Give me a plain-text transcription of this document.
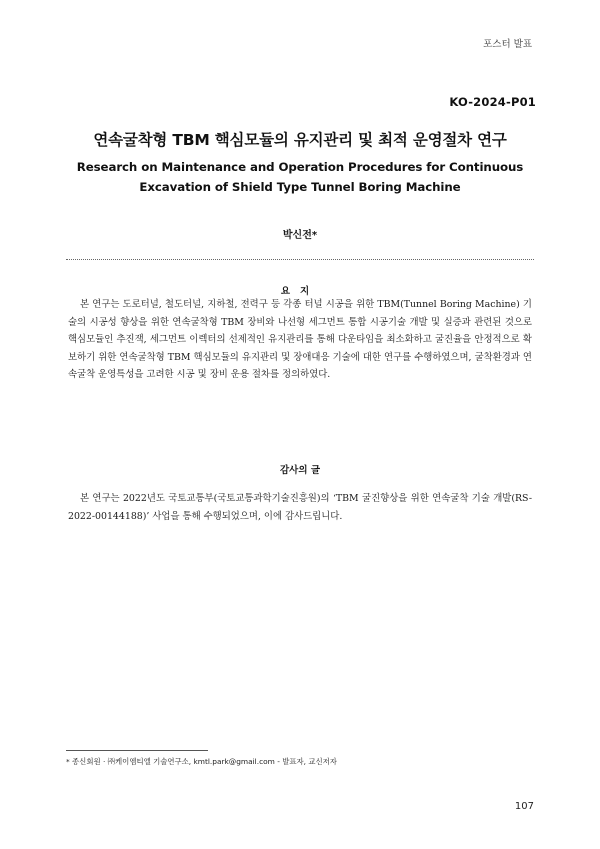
포스터 발표
KO-2024-P01
연속굴착형 TBM 핵심모듈의 유지관리 및 최적 운영절차 연구
Research on Maintenance and Operation Procedures for Continuous Excavation of Shield Type Tunnel Boring Machine
박신전*
요지

본 연구는 도로터널, 철도터널, 지하철, 전력구 등 각종 터널 시공을 위한 TBM(Tunnel Boring Machine) 기술의 시공성 향상을 위한 연속굴착형 TBM 장비와 나선형 세그먼트 통합 시공기술 개발 및 실증과 관련된 것으로 핵심모듈인 추진잭, 세그먼트 이렉터의 선제적인 유지관리를 통해 다운타임을 최소화하고 굴진율을 안정적으로 확보하기 위한 연속굴착형 TBM 핵심모듈의 유지관리 및 장애대응 기술에 대한 연구를 수행하였으며, 굴착환경과 연속굴착 운영특성을 고려한 시공 및 장비 운용 절차를 정의하였다.

감사의 글

본 연구는 2022년도 국토교통부(국토교통과학기술진흥원)의 ‘TBM 굴진향상을 위한 연속굴착 기술 개발(RS-2022-00144188)’ 사업을 통해 수행되었으며, 이에 감사드립니다.

* 종신회원 · ㈜케이엠티엘 기술연구소, kmtl.park@gmail.com - 발표자, 교신저자
107
